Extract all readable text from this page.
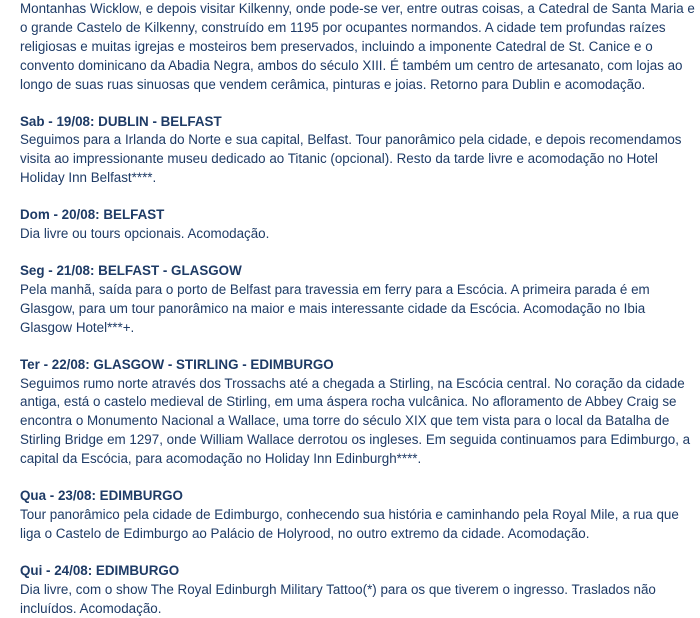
Montanhas Wicklow, e depois visitar Kilkenny, onde pode-se ver, entre outras coisas, a Catedral de Santa Maria e o grande Castelo de Kilkenny, construído em 1195 por ocupantes normandos. A cidade tem profundas raízes religiosas e muitas igrejas e mosteiros bem preservados, incluindo a imponente Catedral de St. Canice e o convento dominicano da Abadia Negra, ambos do século XIII. É também um centro de artesanato, com lojas ao longo de suas ruas sinuosas que vendem cerâmica, pinturas e joias. Retorno para Dublin e acomodação.

Sab - 19/08: DUBLIN - BELFAST

Seguimos para a Irlanda do Norte e sua capital, Belfast. Tour panorâmico pela cidade, e depois recomendamos visita ao impressionante museu dedicado ao Titanic (opcional). Resto da tarde livre e acomodação no Hotel Holiday Inn Belfast****.

Dom - 20/08: BELFAST

Dia livre ou tours opcionais. Acomodação.

Seg - 21/08: BELFAST - GLASGOW

Pela manhã, saída para o porto de Belfast para travessia em ferry para a Escócia. A primeira parada é em Glasgow, para um tour panorâmico na maior e mais interessante cidade da Escócia. Acomodação no Ibia Glasgow Hotel***+.

Ter - 22/08: GLASGOW - STIRLING - EDIMBURGO

Seguimos rumo norte através dos Trossachs até a chegada a Stirling, na Escócia central. No coração da cidade antiga, está o castelo medieval de Stirling, em uma áspera rocha vulcânica. No afloramento de Abbey Craig se encontra o Monumento Nacional a Wallace, uma torre do século XIX que tem vista para o local da Batalha de Stirling Bridge em 1297, onde William Wallace derrotou os ingleses. Em seguida continuamos para Edimburgo, a capital da Escócia, para acomodação no Holiday Inn Edinburgh****.

Qua - 23/08: EDIMBURGO

Tour panorâmico pela cidade de Edimburgo, conhecendo sua história e caminhando pela Royal Mile, a rua que liga o Castelo de Edimburgo ao Palácio de Holyrood, no outro extremo da cidade. Acomodação.

Qui - 24/08: EDIMBURGO

Dia livre, com o show The Royal Edinburgh Military Tattoo(*) para os que tiverem o ingresso. Traslados não incluídos. Acomodação.
